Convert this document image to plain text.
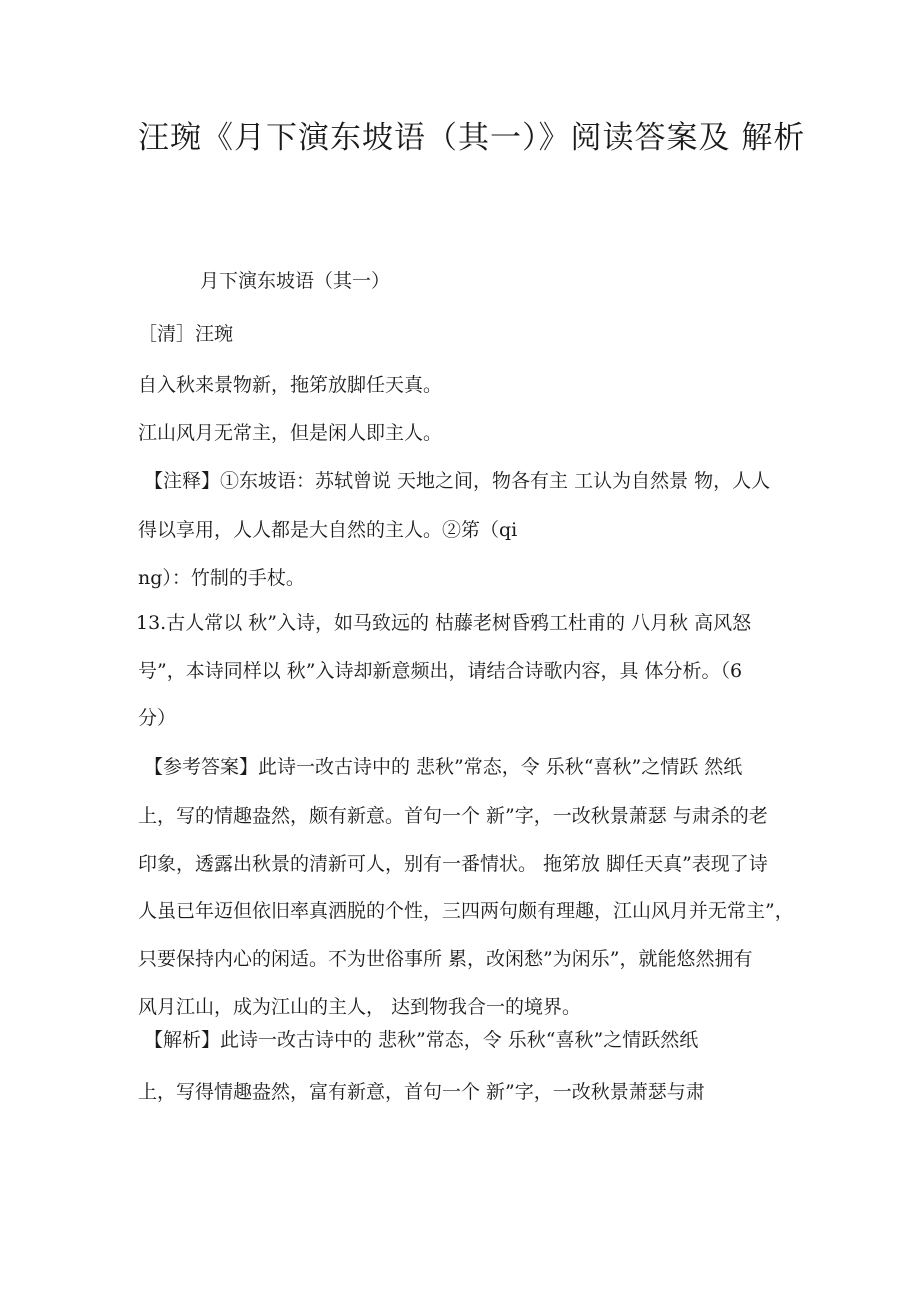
汪琬《月下演东坡语（其一）》阅读答案及 解析
月下演东坡语（其一）
［清］汪琬
自入秋来景物新，拖笫放脚任天真。
江山风月无常主，但是闲人即主人。
【注释】①东坡语：苏轼曾说 天地之间，物各有主 工认为自然景 物，人人
得以享用，人人都是大自然的主人。②笫（qi
ng）：竹制的手杖。
13.古人常以 秋”入诗，如马致远的 枯藤老树昏鸦工杜甫的 八月秋 高风怒
号”，本诗同样以 秋”入诗却新意频出，请结合诗歌内容，具 体分析。（6
分）
【参考答案】此诗一改古诗中的 悲秋”常态，令 乐秋“喜秋”之情跃 然纸
上，写的情趣盎然，颇有新意。首句一个 新”字，一改秋景萧瑟 与肃杀的老
印象，透露出秋景的清新可人，别有一番情状。 拖笫放 脚任天真”表现了诗
人虽已年迈但依旧率真洒脱的个性，三四两句颇有理趣，江山风月并无常主”，
只要保持内心的闲适。不为世俗事所 累，改闲愁”为闲乐”，就能悠然拥有
风月江山，成为江山的主人， 达到物我合一的境界。
【解析】此诗一改古诗中的 悲秋”常态，令 乐秋“喜秋”之情跃然纸
上，写得情趣盎然，富有新意，首句一个 新”字，一改秋景萧瑟与肃
